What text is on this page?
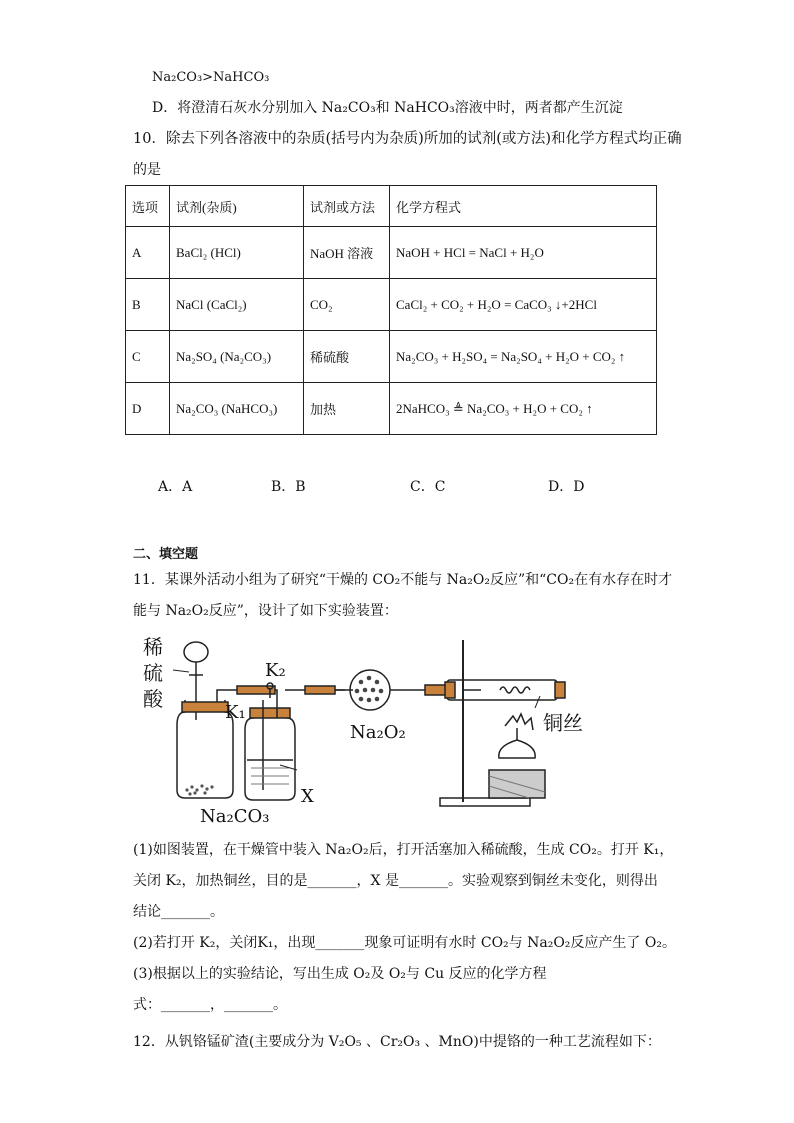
Na₂CO₃>NaHCO₃
D．将澄清石灰水分别加入 Na₂CO₃和 NaHCO₃溶液中时，两者都产生沉淀
10．除去下列各溶液中的杂质(括号内为杂质)所加的试剂(或方法)和化学方程式均正确
的是
选项	试剂(杂质)	试剂或方法	化学方程式
A	BaCl₂ (HCl)	NaOH 溶液	NaOH + HCl = NaCl + H₂O
B	NaCl (CaCl₂)	CO₂	CaCl₂ + CO₂ + H₂O = CaCO₃ ↓+2HCl
C	Na₂SO₄ (Na₂CO₃)	稀硫酸	Na₂CO₃ + H₂SO₄ = Na₂SO₄ + H₂O + CO₂ ↑
D	Na₂CO₃ (NaHCO₃)	加热	2NaHCO₃ ≜ Na₂CO₃ + H₂O + CO₂ ↑
A．A	B．B	C．C	D．D
二、填空题
11．某课外活动小组为了研究“干燥的 CO₂不能与 Na₂O₂反应”和“CO₂在有水存在时才
能与 Na₂O₂反应”，设计了如下实验装置：
稀
硫
酸
K₁
K₂
Na₂O₂
Na₂CO₃
X
铜丝
(1)如图装置，在干燥管中装入 Na₂O₂后，打开活塞加入稀硫酸，生成 CO₂。打开 K₁，
关闭 K₂，加热铜丝，目的是_______，X 是_______。实验观察到铜丝未变化，则得出
结论_______。
(2)若打开 K₂，关闭K₁，出现_______现象可证明有水时 CO₂与 Na₂O₂反应产生了 O₂。
(3)根据以上的实验结论，写出生成 O₂及 O₂与 Cu 反应的化学方程
式：_______，_______。
12．从钒铬锰矿渣(主要成分为 V₂O₅ 、Cr₂O₃ 、MnO)中提铬的一种工艺流程如下：
